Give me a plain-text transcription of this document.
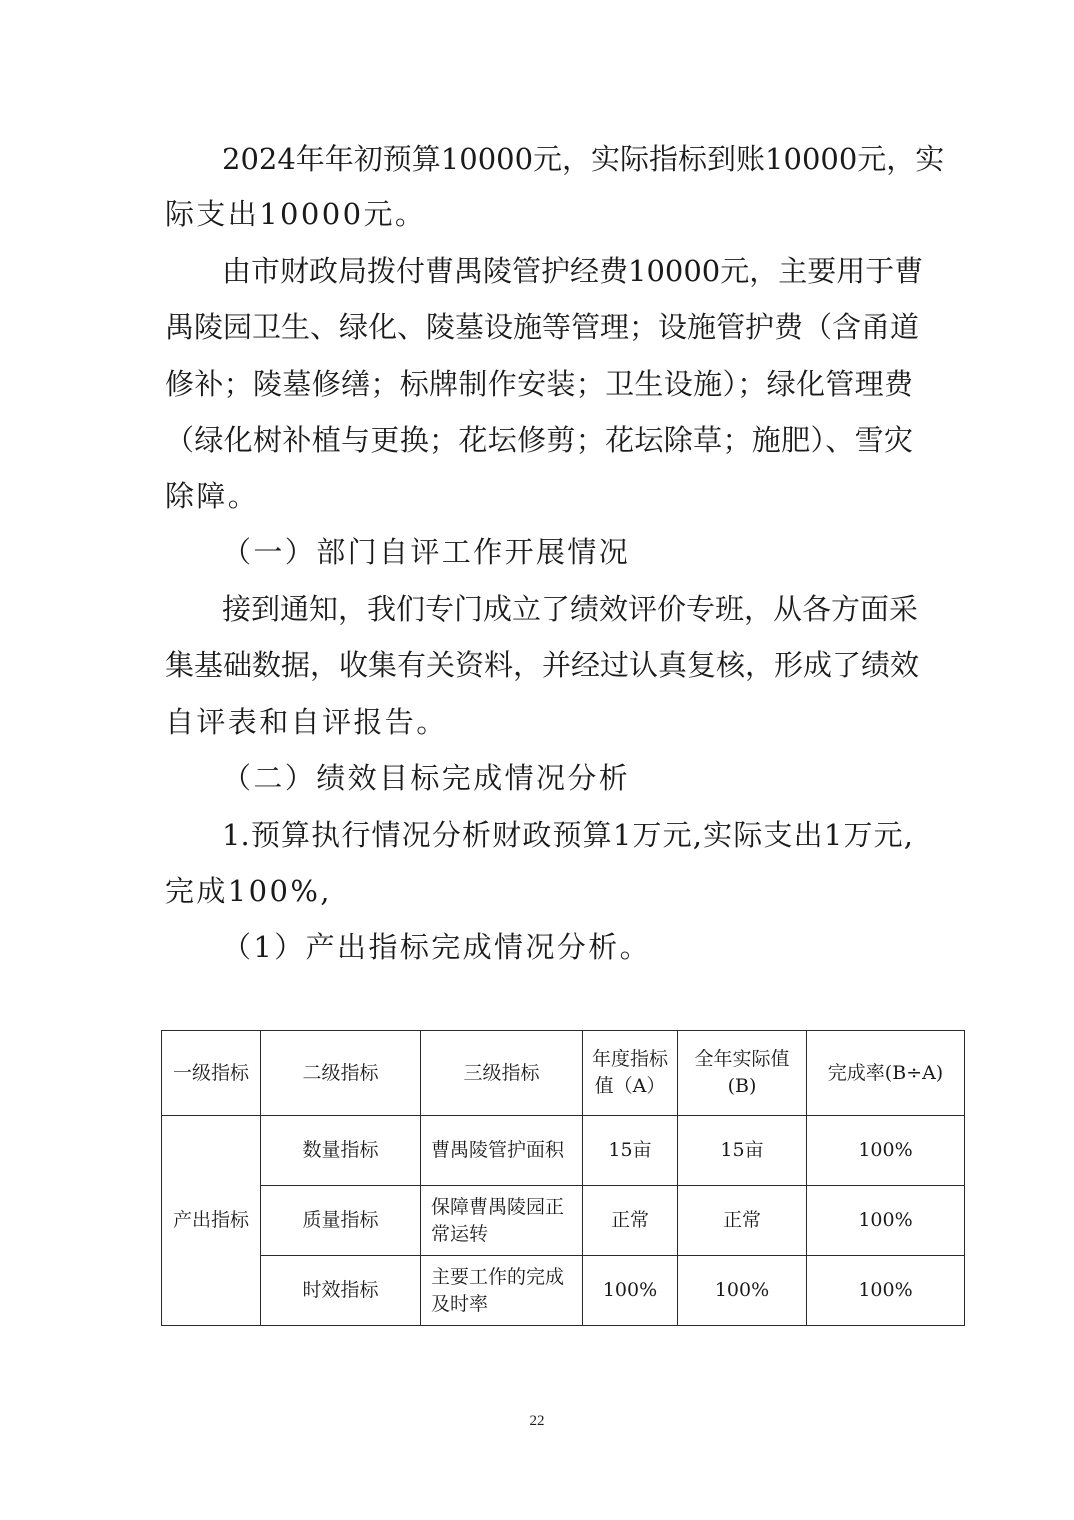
2024年年初预算10000元，实际指标到账10000元，实
际支出10000元。
由市财政局拨付曹禺陵管护经费10000元，主要用于曹
禺陵园卫生、绿化、陵墓设施等管理；设施管护费（含甬道
修补；陵墓修缮；标牌制作安装；卫生设施）；绿化管理费
（绿化树补植与更换；花坛修剪；花坛除草；施肥）、雪灾
除障。
（一）部门自评工作开展情况
接到通知，我们专门成立了绩效评价专班，从各方面采
集基础数据，收集有关资料，并经过认真复核，形成了绩效
自评表和自评报告。
（二）绩效目标完成情况分析
1.预算执行情况分析财政预算1万元,实际支出1万元,
完成100%,
（1）产出指标完成情况分析。
一级指标	二级指标	三级指标	年度指标值（A）	全年实际值(B)	完成率(B÷A)
产出指标	数量指标	曹禺陵管护面积	15亩	15亩	100%
	质量指标	保障曹禺陵园正常运转	正常	正常	100%
	时效指标	主要工作的完成及时率	100%	100%	100%
22
